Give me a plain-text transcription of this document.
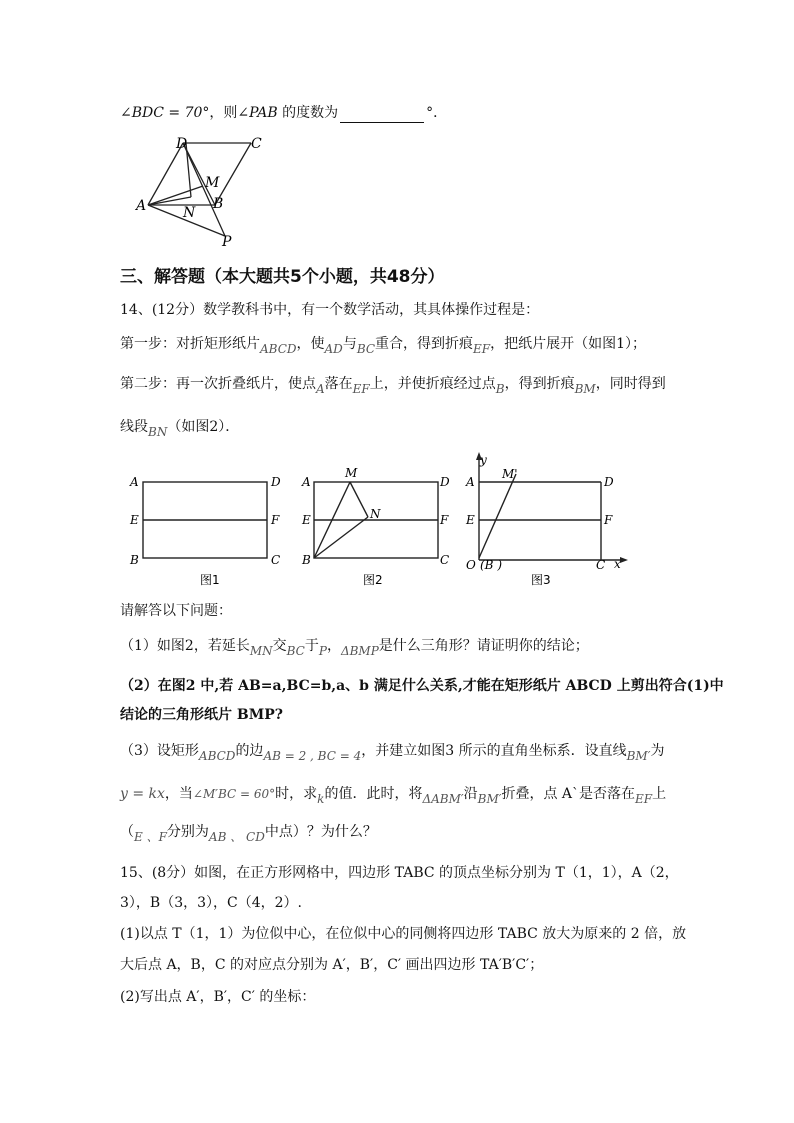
∠BDC = 70°，则∠PAB 的度数为	°．
D	C
M
A	N
B
P
三、解答题（本大题共5个小题，共48分）
14、(12分）数学教科书中，有一个数学活动，其具体操作过程是：
第一步：对折矩形纸片ABCD，使AD与BC重合，得到折痕EF，把纸片展开（如图1）；
第二步：再一次折叠纸片，使点A落在EF上，并使折痕经过点B，得到折痕BM，同时得到
线段BN（如图2）．
A	D
E	F
B	C
图1
A
M
D
E	N	F
B	C
图2
y
M'
A	D
E	F
O (B )	C x
图3
请解答以下问题：
（1）如图2，若延长MN交BC于P，ΔBMP是什么三角形？请证明你的结论；
（2）在图2 中,若 AB=a,BC=b,a、b 满足什么关系,才能在矩形纸片 ABCD 上剪出符合(1)中
结论的三角形纸片 BMP?
（3）设矩形ABCD的边AB = 2 , BC = 4，并建立如图3 所示的直角坐标系．设直线BM′为
y = kx，当∠M′BC = 60°时，求k的值．此时，将ΔABM′沿BM′折叠，点 A`是否落在EF上
（E 、F分别为AB 、 CD中点）？为什么？
15、(8分）如图，在正方形网格中，四边形 TABC 的顶点坐标分别为 T（1，1），A（2，
3），B（3，3），C（4，2）.
(1)以点 T（1，1）为位似中心，在位似中心的同侧将四边形 TABC 放大为原来的 2 倍，放
大后点 A，B，C 的对应点分别为 A′，B′，C′ 画出四边形 TA′B′C′；
(2)写出点 A′，B′，C′ 的坐标：
